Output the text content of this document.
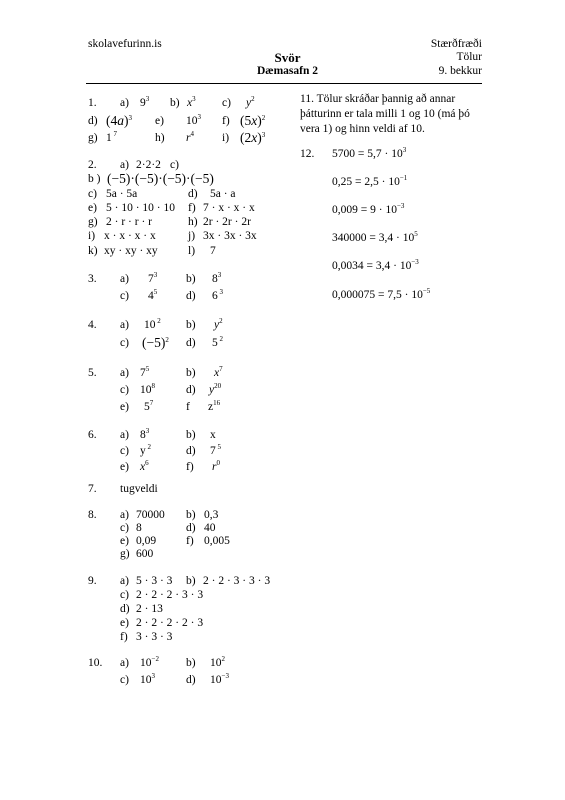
skolavefurinn.is	Stærðfræði
Svör	Tölur
Dæmasafn 2	9. bekkur
1. a) $9^3$ b) $x^3$ c) $y^2$
d) $(4a)^3$ e) $10^3$ f) $(5x)^2$
g) 1 $^7$	h) $r^4$ i) $(2x)^3$
2. a) 2·2·2 c)
b ) (−5)·(−5)·(−5)·(−5)
c) 5a · 5a	d) 5a · a
e) 5 · 10 · 10 · 10 f) 7 · x · x · x
g) 2 · r · r · r	h) 2r · 2r · 2r
i) x · x · x · x	j) 3x · 3x · 3x
k) xy · xy · xy	l) 7
3. a) $7^3$	b) $8^3$
c) $4^5$	d) 6 $^3$
4. a) 10 $^2$ b) $y^2$
c) $(-5)^2$ d) 5 $^2$
5. a) $7^5$	b) $x^7$
c) $10^8$	d) $y^{20}$
e) $5^7$	f $z^{16}$
6. a) $8^3$	b) x
c) y $^2$	d) 7 $^5$
e) $x^6$	f) $r^0$
7. tugveldi
8. a) 70000 b) 0,3
c) 8	d) 40
e) 0,09	f) 0,005
g) 600
9. a) 5 · 3 · 3 b) 2 · 2 · 3 · 3 · 3
c) 2 · 2 · 2 · 3 · 3
d) 2 · 13
e) 2 · 2 · 2 · 2 · 3
f) 3 · 3 · 3
10. a) $10^{-2}$ b) $10^2$
c) $10^3$	d) $10^{-3}$
11. Tölur skráðar þannig að annar
þátturinn er tala milli 1 og 10 (má þó
vera 1) og hinn veldi af 10.
12. $5700 = 5,7 \cdot 10^3$
$0,25 = 2,5 \cdot 10^{-1}$
$0,009 = 9 \cdot 10^{-3}$
$340000 = 3,4 \cdot 10^5$
$0,0034 = 3,4 \cdot 10^{-3}$
$0,000075 = 7,5 \cdot 10^{-5}$
